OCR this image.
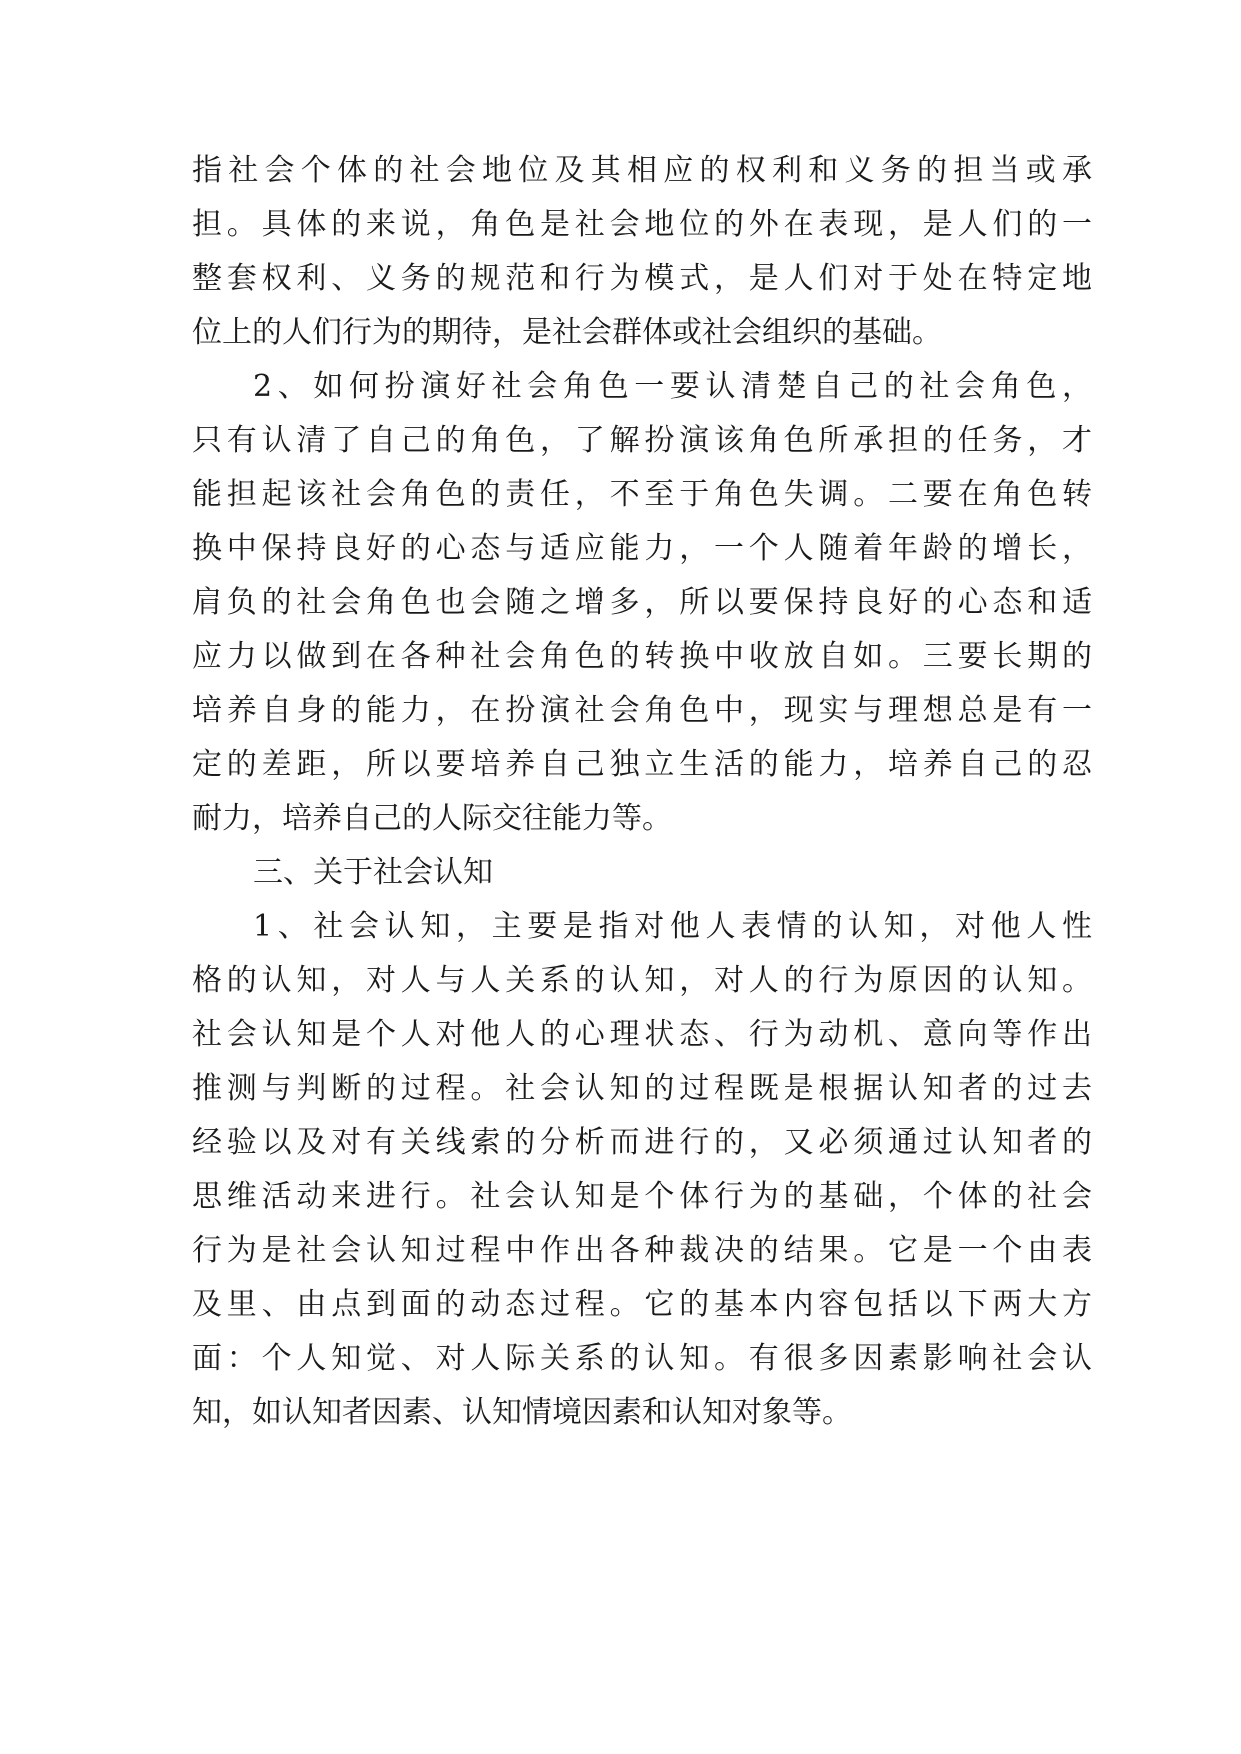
指社会个体的社会地位及其相应的权利和义务的担当或承
担。具体的来说，角色是社会地位的外在表现，是人们的一
整套权利、义务的规范和行为模式，是人们对于处在特定地
位上的人们行为的期待，是社会群体或社会组织的基础。
2、如何扮演好社会角色一要认清楚自己的社会角色，
只有认清了自己的角色，了解扮演该角色所承担的任务，才
能担起该社会角色的责任，不至于角色失调。二要在角色转
换中保持良好的心态与适应能力，一个人随着年龄的增长，
肩负的社会角色也会随之增多，所以要保持良好的心态和适
应力以做到在各种社会角色的转换中收放自如。三要长期的
培养自身的能力，在扮演社会角色中，现实与理想总是有一
定的差距，所以要培养自己独立生活的能力，培养自己的忍
耐力，培养自己的人际交往能力等。
三、关于社会认知
1、社会认知，主要是指对他人表情的认知，对他人性
格的认知，对人与人关系的认知，对人的行为原因的认知。
社会认知是个人对他人的心理状态、行为动机、意向等作出
推测与判断的过程。社会认知的过程既是根据认知者的过去
经验以及对有关线索的分析而进行的，又必须通过认知者的
思维活动来进行。社会认知是个体行为的基础，个体的社会
行为是社会认知过程中作出各种裁决的结果。它是一个由表
及里、由点到面的动态过程。它的基本内容包括以下两大方
面：个人知觉、对人际关系的认知。有很多因素影响社会认
知，如认知者因素、认知情境因素和认知对象等。
